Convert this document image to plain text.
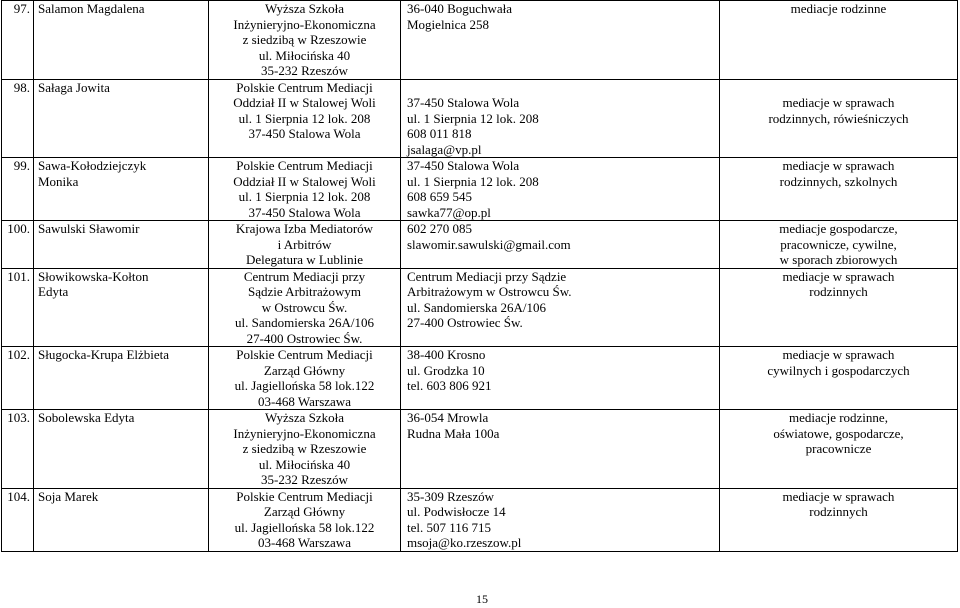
97.	Salamon Magdalena	Wyższa Szkoła
Inżynieryjno-Ekonomiczna
z siedzibą w Rzeszowie
ul. Miłocińska 40
35-232 Rzeszów	36-040 Boguchwała
Mogielnica 258	mediacje rodzinne

98.	Sałaga Jowita	Polskie Centrum Mediacji
Oddział II w Stalowej Woli
ul. 1 Sierpnia 12 lok. 208
37-450 Stalowa Wola	37-450 Stalowa Wola
ul. 1 Sierpnia 12 lok. 208
608 011 818
jsalaga@vp.pl	mediacje w sprawach
rodzinnych, rówieśniczych

99.	Sawa-Kołodziejczyk
Monika	Polskie Centrum Mediacji
Oddział II w Stalowej Woli
ul. 1 Sierpnia 12 lok. 208
37-450 Stalowa Wola	37-450 Stalowa Wola
ul. 1 Sierpnia 12 lok. 208
608 659 545
sawka77@op.pl	mediacje w sprawach
rodzinnych, szkolnych

100.	Sawulski Sławomir	Krajowa Izba Mediatorów
i Arbitrów
Delegatura w Lublinie	602 270 085
slawomir.sawulski@gmail.com	mediacje gospodarcze,
pracownicze, cywilne,
w sporach zbiorowych

101.	Słowikowska-Kołton
Edyta	Centrum Mediacji przy
Sądzie Arbitrażowym
w Ostrowcu Św.
ul. Sandomierska 26A/106
27-400 Ostrowiec Św.	Centrum Mediacji przy Sądzie
Arbitrażowym w Ostrowcu Św.
ul. Sandomierska 26A/106
27-400 Ostrowiec Św.	mediacje w sprawach
rodzinnych

102.	Sługocka-Krupa Elżbieta	Polskie Centrum Mediacji
Zarząd Główny
ul. Jagiellońska 58 lok.122
03-468 Warszawa	38-400 Krosno
ul. Grodzka 10
tel. 603 806 921	mediacje w sprawach
cywilnych i gospodarczych

103.	Sobolewska Edyta	Wyższa Szkoła
Inżynieryjno-Ekonomiczna
z siedzibą w Rzeszowie
ul. Miłocińska 40
35-232 Rzeszów	36-054 Mrowla
Rudna Mała 100a	mediacje rodzinne,
oświatowe, gospodarcze,
pracownicze

104.	Soja Marek	Polskie Centrum Mediacji
Zarząd Główny
ul. Jagiellońska 58 lok.122
03-468 Warszawa	35-309 Rzeszów
ul. Podwisłocze 14
tel. 507 116 715
msoja@ko.rzeszow.pl	mediacje w sprawach
rodzinnych
15
